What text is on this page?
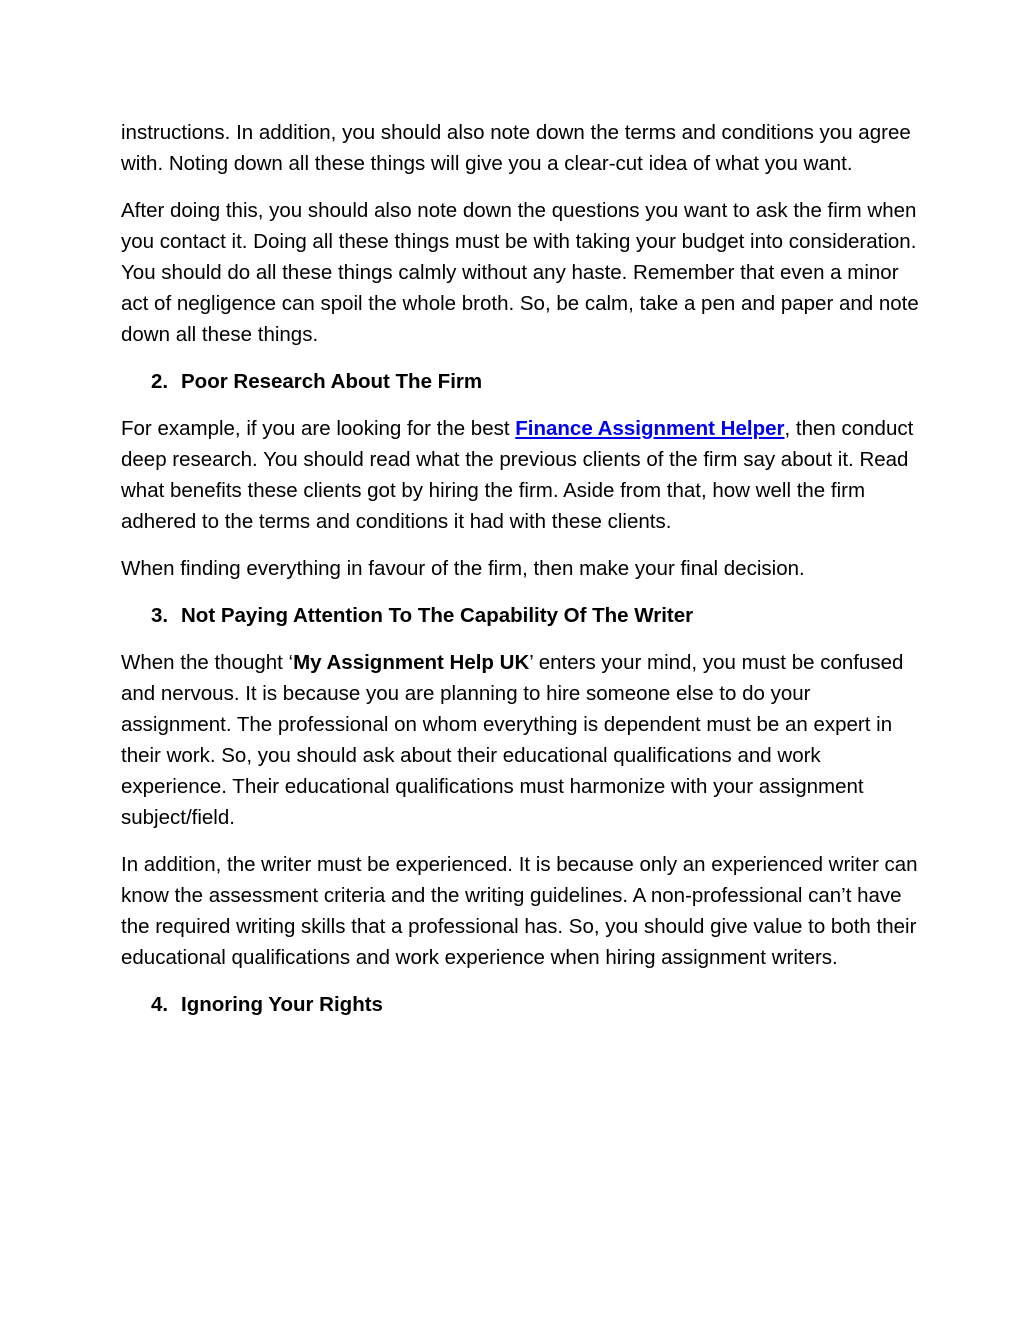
instructions. In addition, you should also note down the terms and conditions you agree with. Noting down all these things will give you a clear-cut idea of what you want.

After doing this, you should also note down the questions you want to ask the firm when you contact it. Doing all these things must be with taking your budget into consideration. You should do all these things calmly without any haste. Remember that even a minor act of negligence can spoil the whole broth. So, be calm, take a pen and paper and note down all these things.

2. Poor Research About The Firm

For example, if you are looking for the best Finance Assignment Helper, then conduct deep research. You should read what the previous clients of the firm say about it. Read what benefits these clients got by hiring the firm. Aside from that, how well the firm adhered to the terms and conditions it had with these clients.

When finding everything in favour of the firm, then make your final decision.

3. Not Paying Attention To The Capability Of The Writer

When the thought ‘My Assignment Help UK’ enters your mind, you must be confused and nervous. It is because you are planning to hire someone else to do your assignment. The professional on whom everything is dependent must be an expert in their work. So, you should ask about their educational qualifications and work experience. Their educational qualifications must harmonize with your assignment subject/field.

In addition, the writer must be experienced. It is because only an experienced writer can know the assessment criteria and the writing guidelines. A non-professional can’t have the required writing skills that a professional has. So, you should give value to both their educational qualifications and work experience when hiring assignment writers.

4. Ignoring Your Rights
